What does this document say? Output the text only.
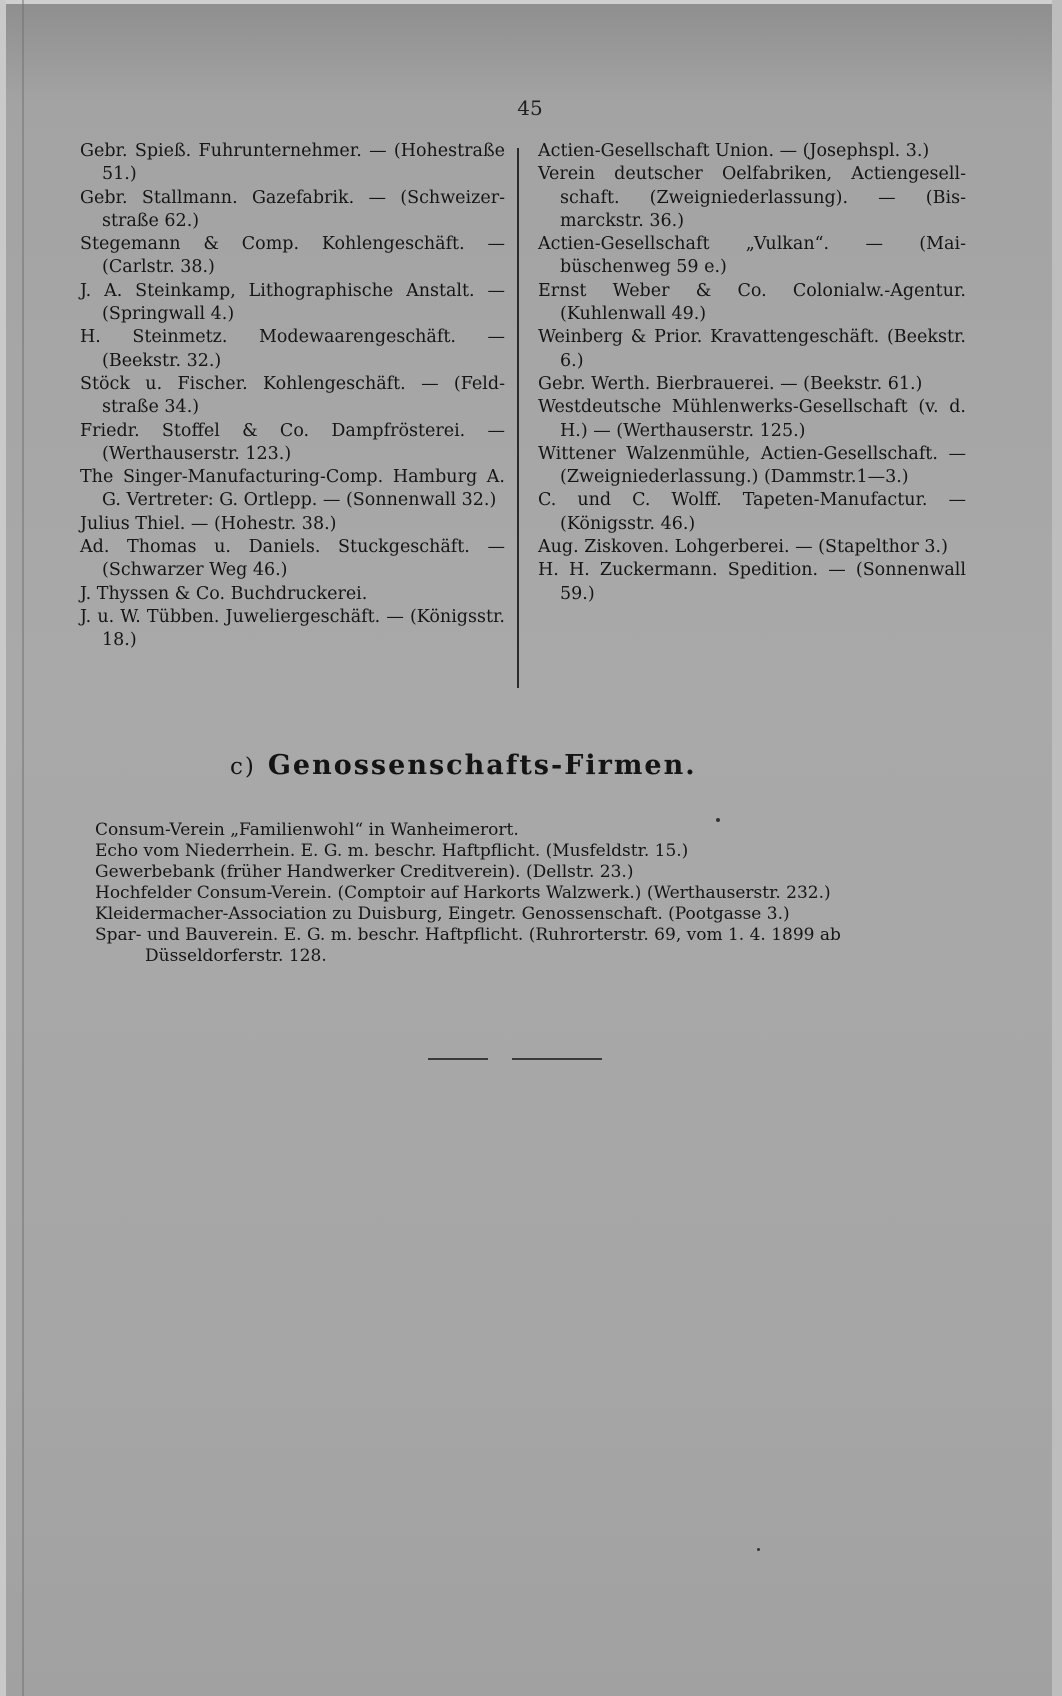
45

Gebr. Spieß. Fuhrunternehmer. — (Hohestraße 51.)

Gebr. Stallmann. Gazefabrik. — (Schweizerstraße 62.)

Stegemann & Comp. Kohlengeschäft. — (Carlstr. 38.)

J. A. Steinkamp, Lithographische Anstalt. — (Springwall 4.)

H. Steinmetz. Modewaarengeschäft. — (Beekstr. 32.)

Stöck u. Fischer. Kohlengeschäft. — (Feldstraße 34.)

Friedr. Stoffel & Co. Dampfrösterei. — (Werthauserstr. 123.)

The Singer-Manufacturing-Comp. Hamburg A. G. Vertreter: G. Ortlepp. — (Sonnenwall 32.)

Julius Thiel. — (Hohestr. 38.)

Ad. Thomas u. Daniels. Stuckgeschäft. — (Schwarzer Weg 46.)

J. Thyssen & Co. Buchdruckerei.

J. u. W. Tübben. Juweliergeschäft. — (Königsstr. 18.)

Actien-Gesellschaft Union. — (Josephspl. 3.)

Verein deutscher Oelfabriken, Actiengesellschaft. (Zweigniederlassung). — (Bismarckstr. 36.)

Actien-Gesellschaft „Vulkan“. — (Maibüschenweg 59 e.)

Ernst Weber & Co. Colonialw.-Agentur. (Kuhlenwall 49.)

Weinberg & Prior. Kravattengeschäft. (Beekstr. 6.)

Gebr. Werth. Bierbrauerei. — (Beekstr. 61.)

Westdeutsche Mühlenwerks-Gesellschaft (v. d. H.) — (Werthauserstr. 125.)

Wittener Walzenmühle, Actien-Gesellschaft. — (Zweigniederlassung.) (Dammstr.1—3.)

C. und C. Wolff. Tapeten-Manufactur. — (Königsstr. 46.)

Aug. Ziskoven. Lohgerberei. — (Stapelthor 3.)

H. H. Zuckermann. Spedition. — (Sonnenwall 59.)

c) Genossenschafts-Firmen.

Consum-Verein „Familienwohl“ in Wanheimerort.

Echo vom Niederrhein. E. G. m. beschr. Haftpflicht. (Musfeldstr. 15.)

Gewerbebank (früher Handwerker Creditverein). (Dellstr. 23.)

Hochfelder Consum-Verein. (Comptoir auf Harkorts Walzwerk.) (Werthauserstr. 232.)

Kleidermacher-Association zu Duisburg, Eingetr. Genossenschaft. (Pootgasse 3.)

Spar- und Bauverein. E. G. m. beschr. Haftpflicht. (Ruhrorterstr. 69, vom 1. 4. 1899 ab Düsseldorferstr. 128.
